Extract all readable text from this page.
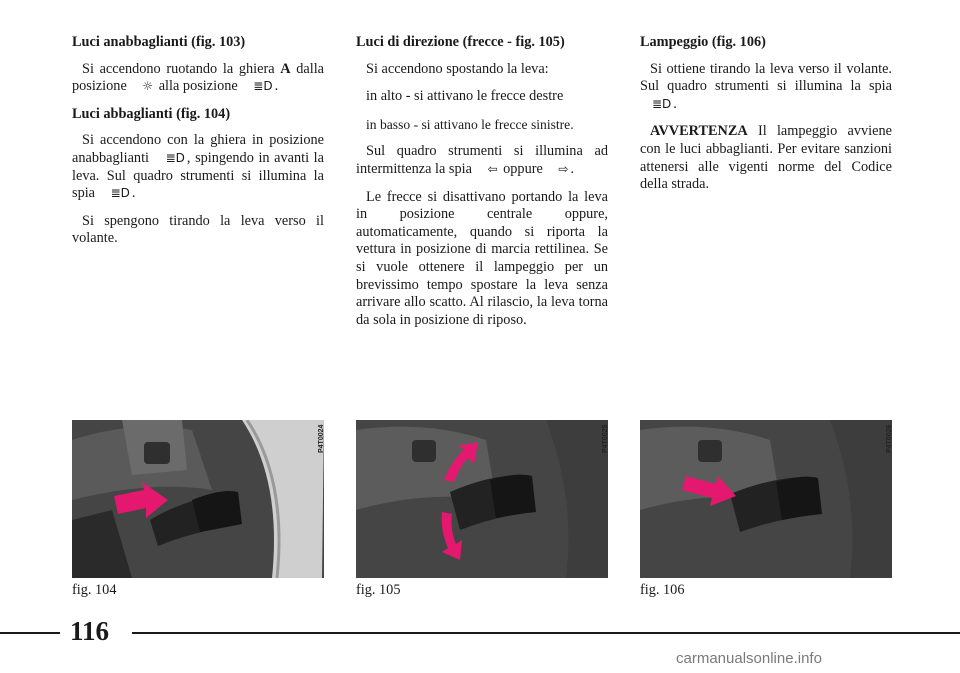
Luci anabbaglianti (fig. 103)

Si accendono ruotando la ghiera A dalla posizione ☼ alla posizione ≣D .

Luci abbaglianti (fig. 104)

Si accendono con la ghiera in posizione anabbaglianti ≣D , spingendo in avanti la leva. Sul quadro strumenti si illumina la spia ≣D .

Si spengono tirando la leva verso il volante.

Luci di direzione (frecce - fig. 105)

Si accendono spostando la leva:

in alto - si attivano le frecce destre

in basso - si attivano le frecce sinistre.

Sul quadro strumenti si illumina ad intermittenza la spia ⇦ oppure ⇨ .

Le frecce si disattivano portando la leva in posizione centrale oppure, automaticamente, quando si riporta la vettura in posizione di marcia rettilinea. Se si vuole ottenere il lampeggio per un brevissimo tempo spostare la leva senza arrivare allo scatto. Al rilascio, la leva torna da sola in posizione di riposo.

Lampeggio (fig. 106)

Si ottiene tirando la leva verso il volante. Sul quadro strumenti si illumina la spia ≣D .

AVVERTENZA Il lampeggio avviene con le luci abbaglianti. Per evitare sanzioni attenersi alle vigenti norme del Codice della strada.

P4T0024
fig. 104
P4T0025
fig. 105
P4T0026
fig. 106
116
carmanualsonline.info
